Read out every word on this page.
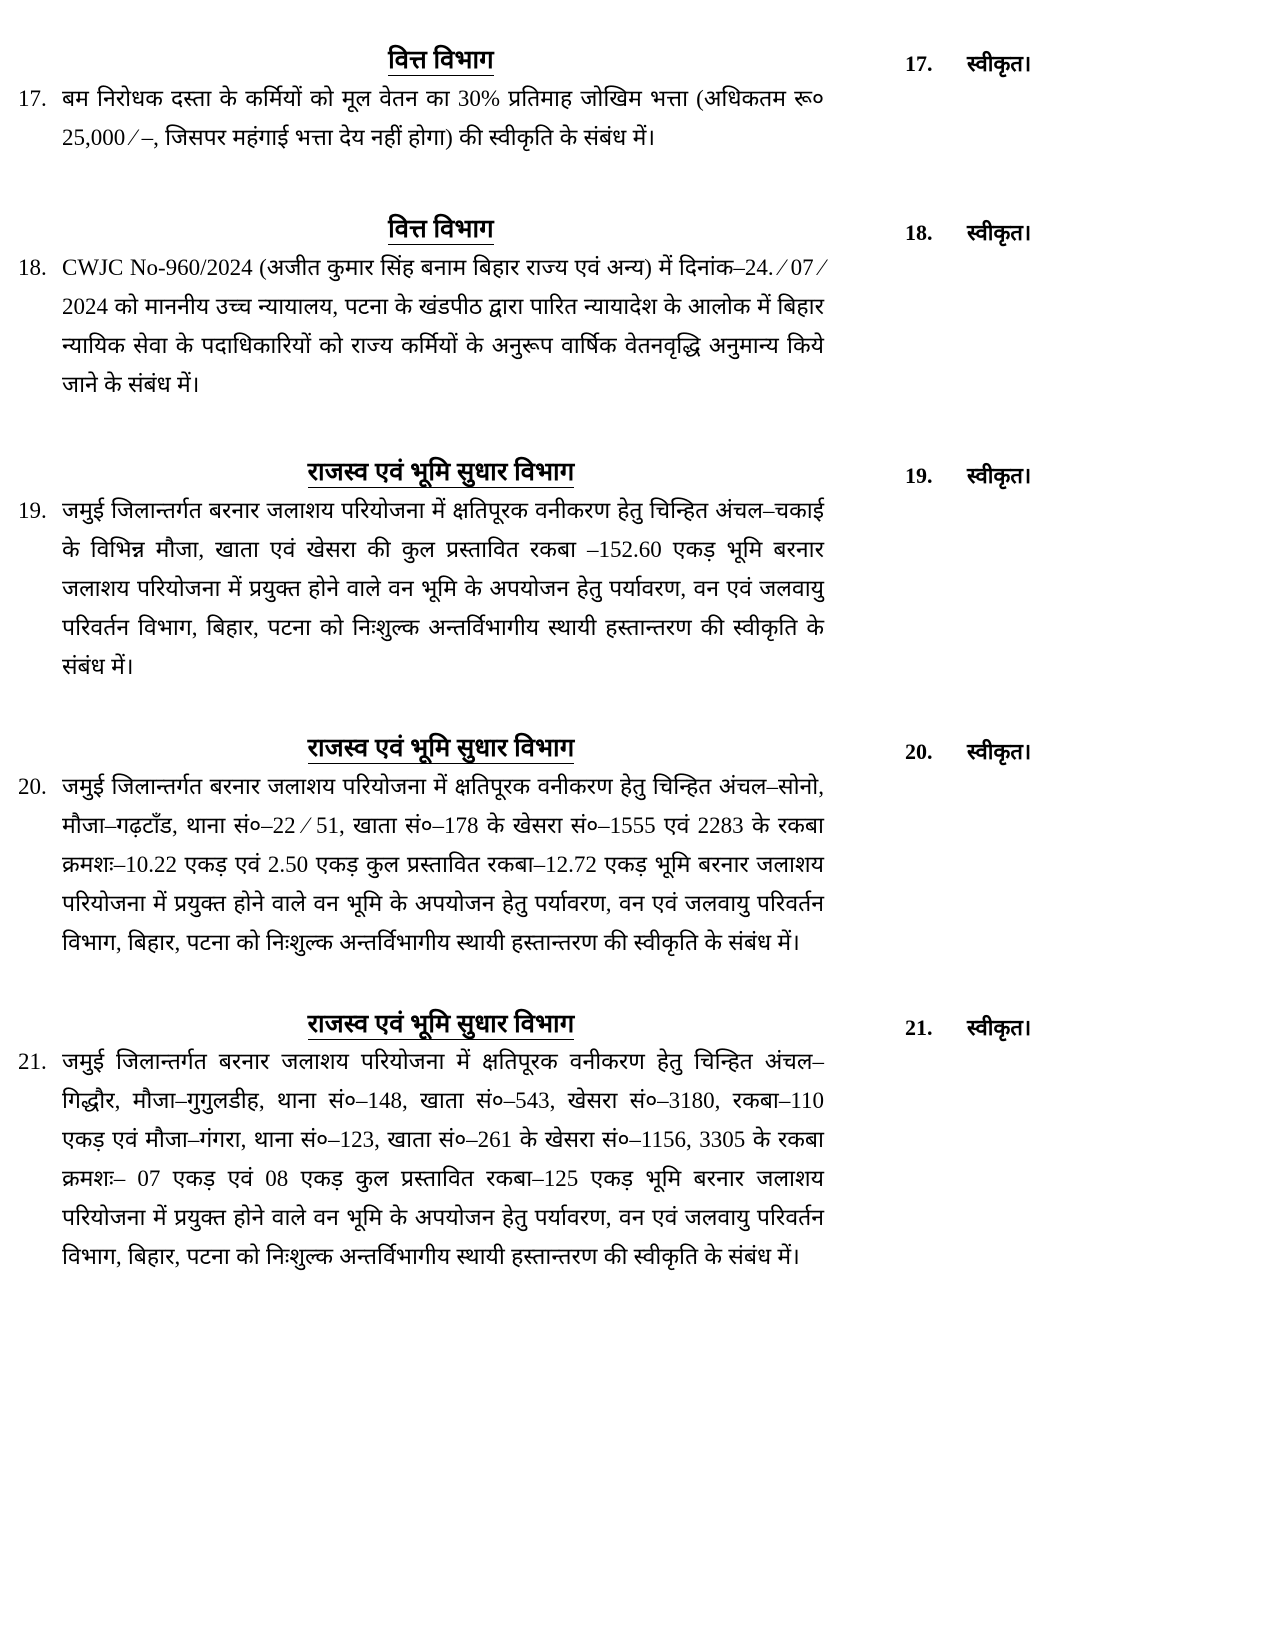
वित्त विभाग
17. बम निरोधक दस्ता के कर्मियों को मूल वेतन का 30% प्रतिमाह जोखिम भत्ता (अधिकतम रू० 25,000 ⁄ –, जिसपर महंगाई भत्ता देय नहीं होगा) की स्वीकृति के संबंध में।
17.	स्वीकृत।
वित्त विभाग
18. CWJC No-960/2024 (अजीत कुमार सिंह बनाम बिहार राज्य एवं अन्य) में दिनांक–24. ⁄ 07 ⁄ 2024 को माननीय उच्च न्यायालय, पटना के खंडपीठ द्वारा पारित न्यायादेश के आलोक में बिहार न्यायिक सेवा के पदाधिकारियों को राज्य कर्मियों के अनुरूप वार्षिक वेतनवृद्धि अनुमान्य किये जाने के संबंध में।
18.	स्वीकृत।
राजस्व एवं भूमि सुधार विभाग
19. जमुई जिलान्तर्गत बरनार जलाशय परियोजना में क्षतिपूरक वनीकरण हेतु चिन्हित अंचल–चकाई के विभिन्न मौजा, खाता एवं खेसरा की कुल प्रस्तावित रकबा –152.60 एकड़ भूमि बरनार जलाशय परियोजना में प्रयुक्त होने वाले वन भूमि के अपयोजन हेतु पर्यावरण, वन एवं जलवायु परिवर्तन विभाग, बिहार, पटना को निःशुल्क अन्तर्विभागीय स्थायी हस्तान्तरण की स्वीकृति के संबंध में।
19.	स्वीकृत।
राजस्व एवं भूमि सुधार विभाग
20. जमुई जिलान्तर्गत बरनार जलाशय परियोजना में क्षतिपूरक वनीकरण हेतु चिन्हित अंचल–सोनो, मौजा–गढ़टाँड, थाना सं०–22 ⁄ 51, खाता सं०–178 के खेसरा सं०–1555 एवं 2283 के रकबा क्रमशः–10.22 एकड़ एवं 2.50 एकड़ कुल प्रस्तावित रकबा–12.72 एकड़ भूमि बरनार जलाशय परियोजना में प्रयुक्त होने वाले वन भूमि के अपयोजन हेतु पर्यावरण, वन एवं जलवायु परिवर्तन विभाग, बिहार, पटना को निःशुल्क अन्तर्विभागीय स्थायी हस्तान्तरण की स्वीकृति के संबंध में।
20.	स्वीकृत।
राजस्व एवं भूमि सुधार विभाग
21. जमुई जिलान्तर्गत बरनार जलाशय परियोजना में क्षतिपूरक वनीकरण हेतु चिन्हित अंचल–गिद्धौर, मौजा–गुगुलडीह, थाना सं०–148, खाता सं०–543, खेसरा सं०–3180, रकबा–110 एकड़ एवं मौजा–गंगरा, थाना सं०–123, खाता सं०–261 के खेसरा सं०–1156, 3305 के रकबा क्रमशः– 07 एकड़ एवं 08 एकड़ कुल प्रस्तावित रकबा–125 एकड़ भूमि बरनार जलाशय परियोजना में प्रयुक्त होने वाले वन भूमि के अपयोजन हेतु पर्यावरण, वन एवं जलवायु परिवर्तन विभाग, बिहार, पटना को निःशुल्क अन्तर्विभागीय स्थायी हस्तान्तरण की स्वीकृति के संबंध में।
21.	स्वीकृत।
